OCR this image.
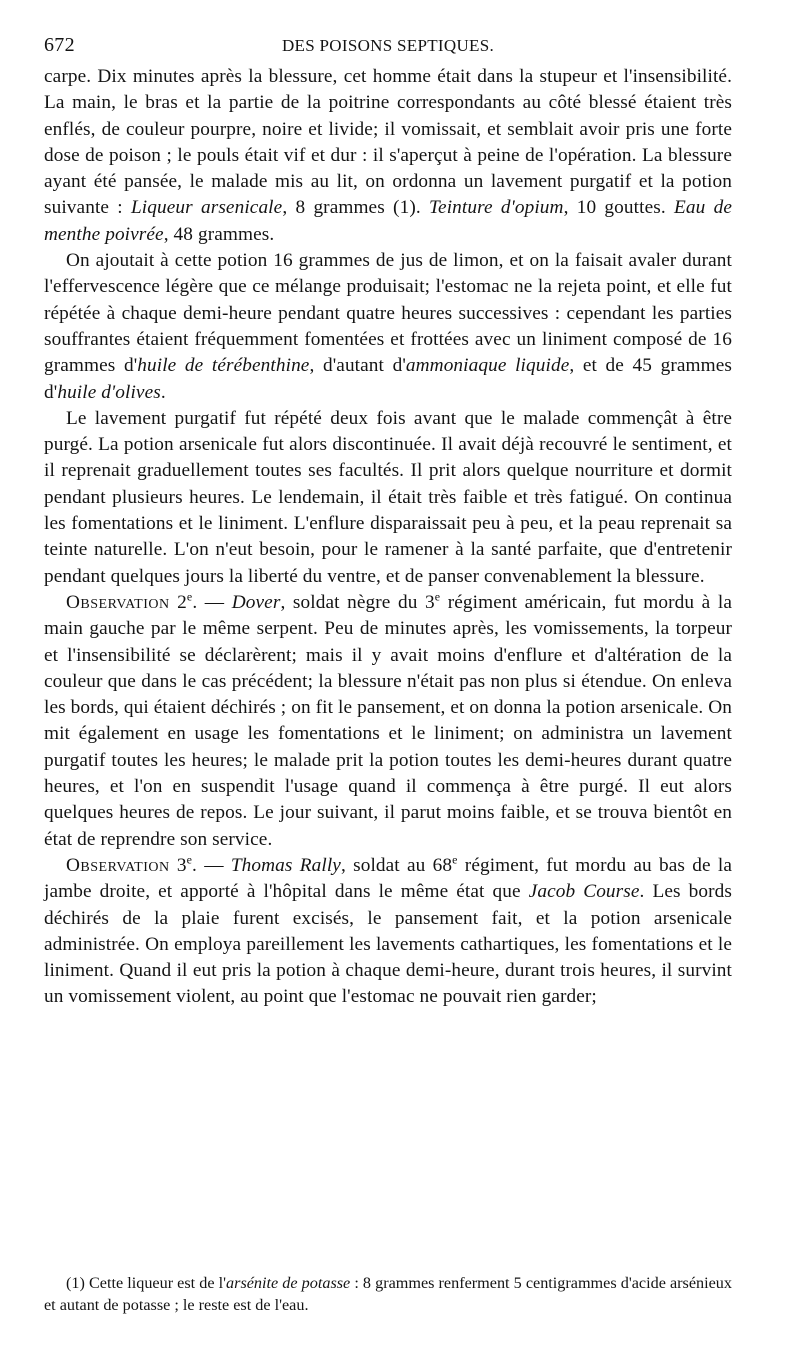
672	DES POISONS SEPTIQUES.

carpe. Dix minutes après la blessure, cet homme était dans la stupeur et l'insensibilité. La main, le bras et la partie de la poitrine correspondants au côté blessé étaient très enflés, de couleur pourpre, noire et livide; il vomissait, et semblait avoir pris une forte dose de poison ; le pouls était vif et dur : il s'aperçut à peine de l'opération. La blessure ayant été pansée, le malade mis au lit, on ordonna un lavement purgatif et la potion suivante : Liqueur arsenicale, 8 grammes (1). Teinture d'opium, 10 gouttes. Eau de menthe poivrée, 48 grammes.

On ajoutait à cette potion 16 grammes de jus de limon, et on la faisait avaler durant l'effervescence légère que ce mélange produisait; l'estomac ne la rejeta point, et elle fut répétée à chaque demi-heure pendant quatre heures successives : cependant les parties souffrantes étaient fréquemment fomentées et frottées avec un liniment composé de 16 grammes d'huile de térébenthine, d'autant d'ammoniaque liquide, et de 45 grammes d'huile d'olives.

Le lavement purgatif fut répété deux fois avant que le malade commençât à être purgé. La potion arsenicale fut alors discontinuée. Il avait déjà recouvré le sentiment, et il reprenait graduellement toutes ses facultés. Il prit alors quelque nourriture et dormit pendant plusieurs heures. Le lendemain, il était très faible et très fatigué. On continua les fomentations et le liniment. L'enflure disparaissait peu à peu, et la peau reprenait sa teinte naturelle. L'on n'eut besoin, pour le ramener à la santé parfaite, que d'entretenir pendant quelques jours la liberté du ventre, et de panser convenablement la blessure.

Observation 2e. — Dover, soldat nègre du 3e régiment américain, fut mordu à la main gauche par le même serpent. Peu de minutes après, les vomissements, la torpeur et l'insensibilité se déclarèrent; mais il y avait moins d'enflure et d'altération de la couleur que dans le cas précédent; la blessure n'était pas non plus si étendue. On enleva les bords, qui étaient déchirés ; on fit le pansement, et on donna la potion arsenicale. On mit également en usage les fomentations et le liniment; on administra un lavement purgatif toutes les heures; le malade prit la potion toutes les demi-heures durant quatre heures, et l'on en suspendit l'usage quand il commença à être purgé. Il eut alors quelques heures de repos. Le jour suivant, il parut moins faible, et se trouva bientôt en état de reprendre son service.

Observation 3e. — Thomas Rally, soldat au 68e régiment, fut mordu au bas de la jambe droite, et apporté à l'hôpital dans le même état que Jacob Course. Les bords déchirés de la plaie furent excisés, le pansement fait, et la potion arsenicale administrée. On employa pareillement les lavements cathartiques, les fomentations et le liniment. Quand il eut pris la potion à chaque demi-heure, durant trois heures, il survint un vomissement violent, au point que l'estomac ne pouvait rien garder;

(1) Cette liqueur est de l'arsénite de potasse : 8 grammes renferment 5 centigrammes d'acide arsénieux et autant de potasse ; le reste est de l'eau.
